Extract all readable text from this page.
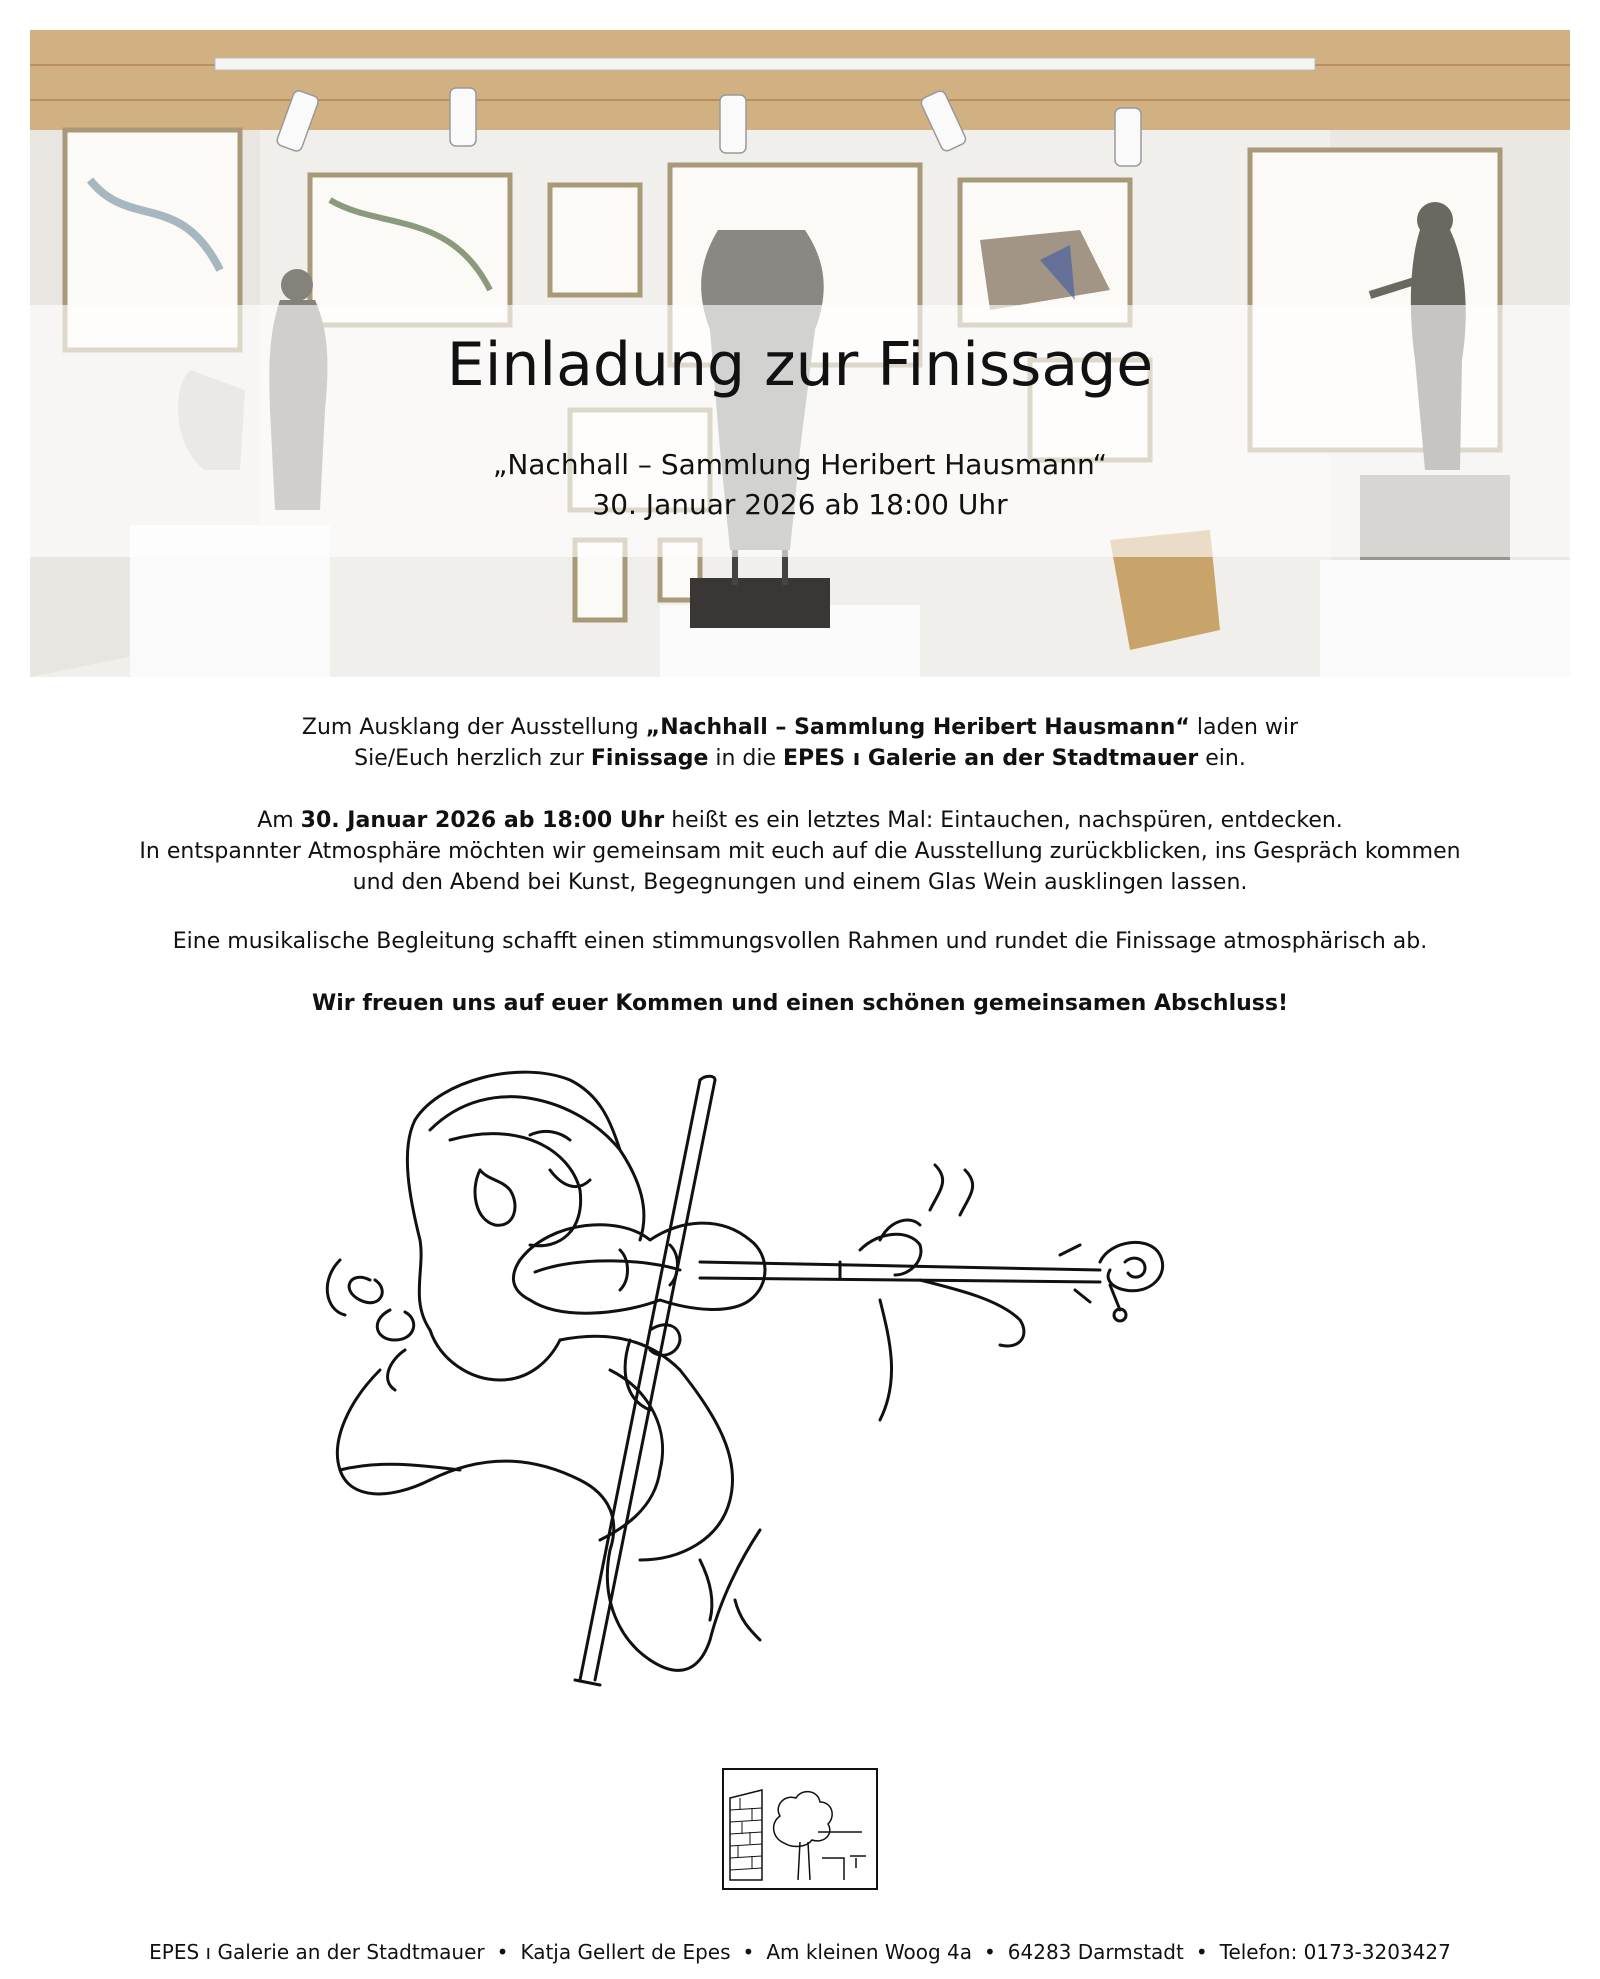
Einladung zur Finissage
„Nachhall – Sammlung Heribert Hausmann“
30. Januar 2026 ab 18:00 Uhr
Zum Ausklang der Ausstellung „Nachhall – Sammlung Heribert Hausmann“ laden wir
Sie/Euch herzlich zur Finissage in die EPES ı Galerie an der Stadtmauer ein.
Am 30. Januar 2026 ab 18:00 Uhr heißt es ein letztes Mal: Eintauchen, nachspüren, entdecken.
In entspannter Atmosphäre möchten wir gemeinsam mit euch auf die Ausstellung zurückblicken, ins Gespräch kommen
und den Abend bei Kunst, Begegnungen und einem Glas Wein ausklingen lassen.
Eine musikalische Begleitung schafft einen stimmungsvollen Rahmen und rundet die Finissage atmosphärisch ab.
Wir freuen uns auf euer Kommen und einen schönen gemeinsamen Abschluss!
EPES ı Galerie an der Stadtmauer • Katja Gellert de Epes • Am kleinen Woog 4a • 64283 Darmstadt • Telefon: 0173-3203427
